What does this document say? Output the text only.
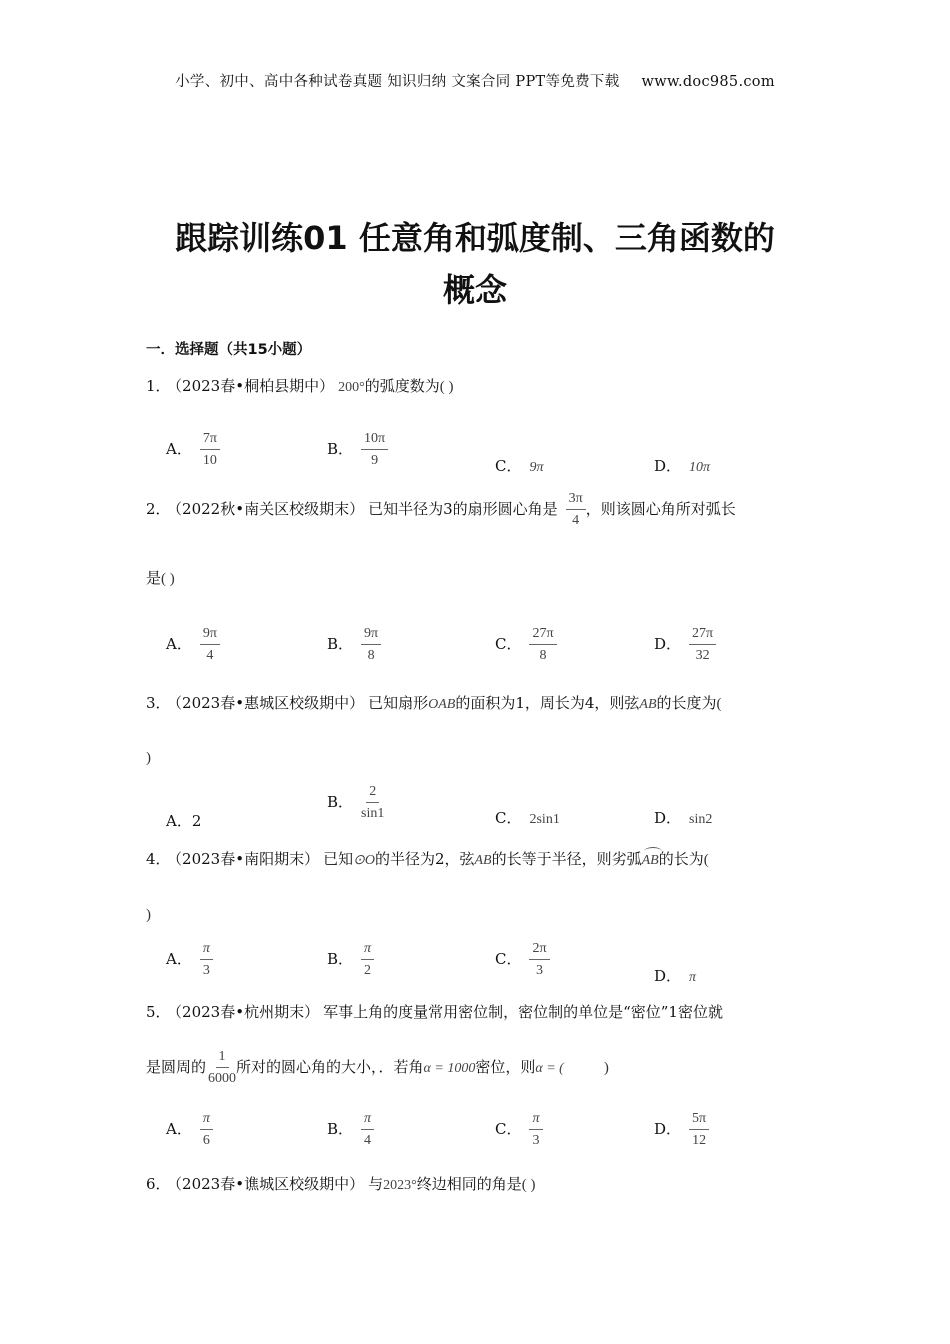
小学、初中、高中各种试卷真题 知识归纳 文案合同 PPT等免费下载 www.doc985.com
跟踪训练01 任意角和弧度制、三角函数的
概念
一．选择题（共15小题）
1． （2023春•桐柏县期中） 200°的弧度数为( )
A． $\frac{7\pi}{10}$	B． $\frac{10\pi}{9}$	C． 9π	D． 10π
2． （2022秋•南关区校级期末） 已知半径为3的扇形圆心角是 $\frac{3\pi}{4}$ ，则该圆心角所对弧长
是( )
A． $\frac{9\pi}{4}$	B． $\frac{9\pi}{8}$	C． $\frac{27\pi}{8}$	D． $\frac{27\pi}{32}$
3． （2023春•惠城区校级期中） 已知扇形OAB的面积为1，周长为4，则弦AB的长度为(
)
A．2
B． $\frac{2}{\sin 1}$	C． 2sin1	D． sin2
4． （2023春•南阳期末） 已知⊙O的半径为2，弦AB的长等于半径，则劣弧AB的长为(
)
A． $\frac{\pi}{3}$	B． $\frac{\pi}{2}$	C． $\frac{2\pi}{3}$	D． π
5． （2023春•杭州期末） 军事上角的度量常用密位制，密位制的单位是“密位”1密位就
是圆周的 $\frac{1}{6000}$ 所对的圆心角的大小，．若角α = 1000密位，则α = (	)
A． $\frac{\pi}{6}$	B． $\frac{\pi}{4}$	C． $\frac{\pi}{3}$	D． $\frac{5\pi}{12}$
6． （2023春•谯城区校级期中） 与2023°终边相同的角是( )
